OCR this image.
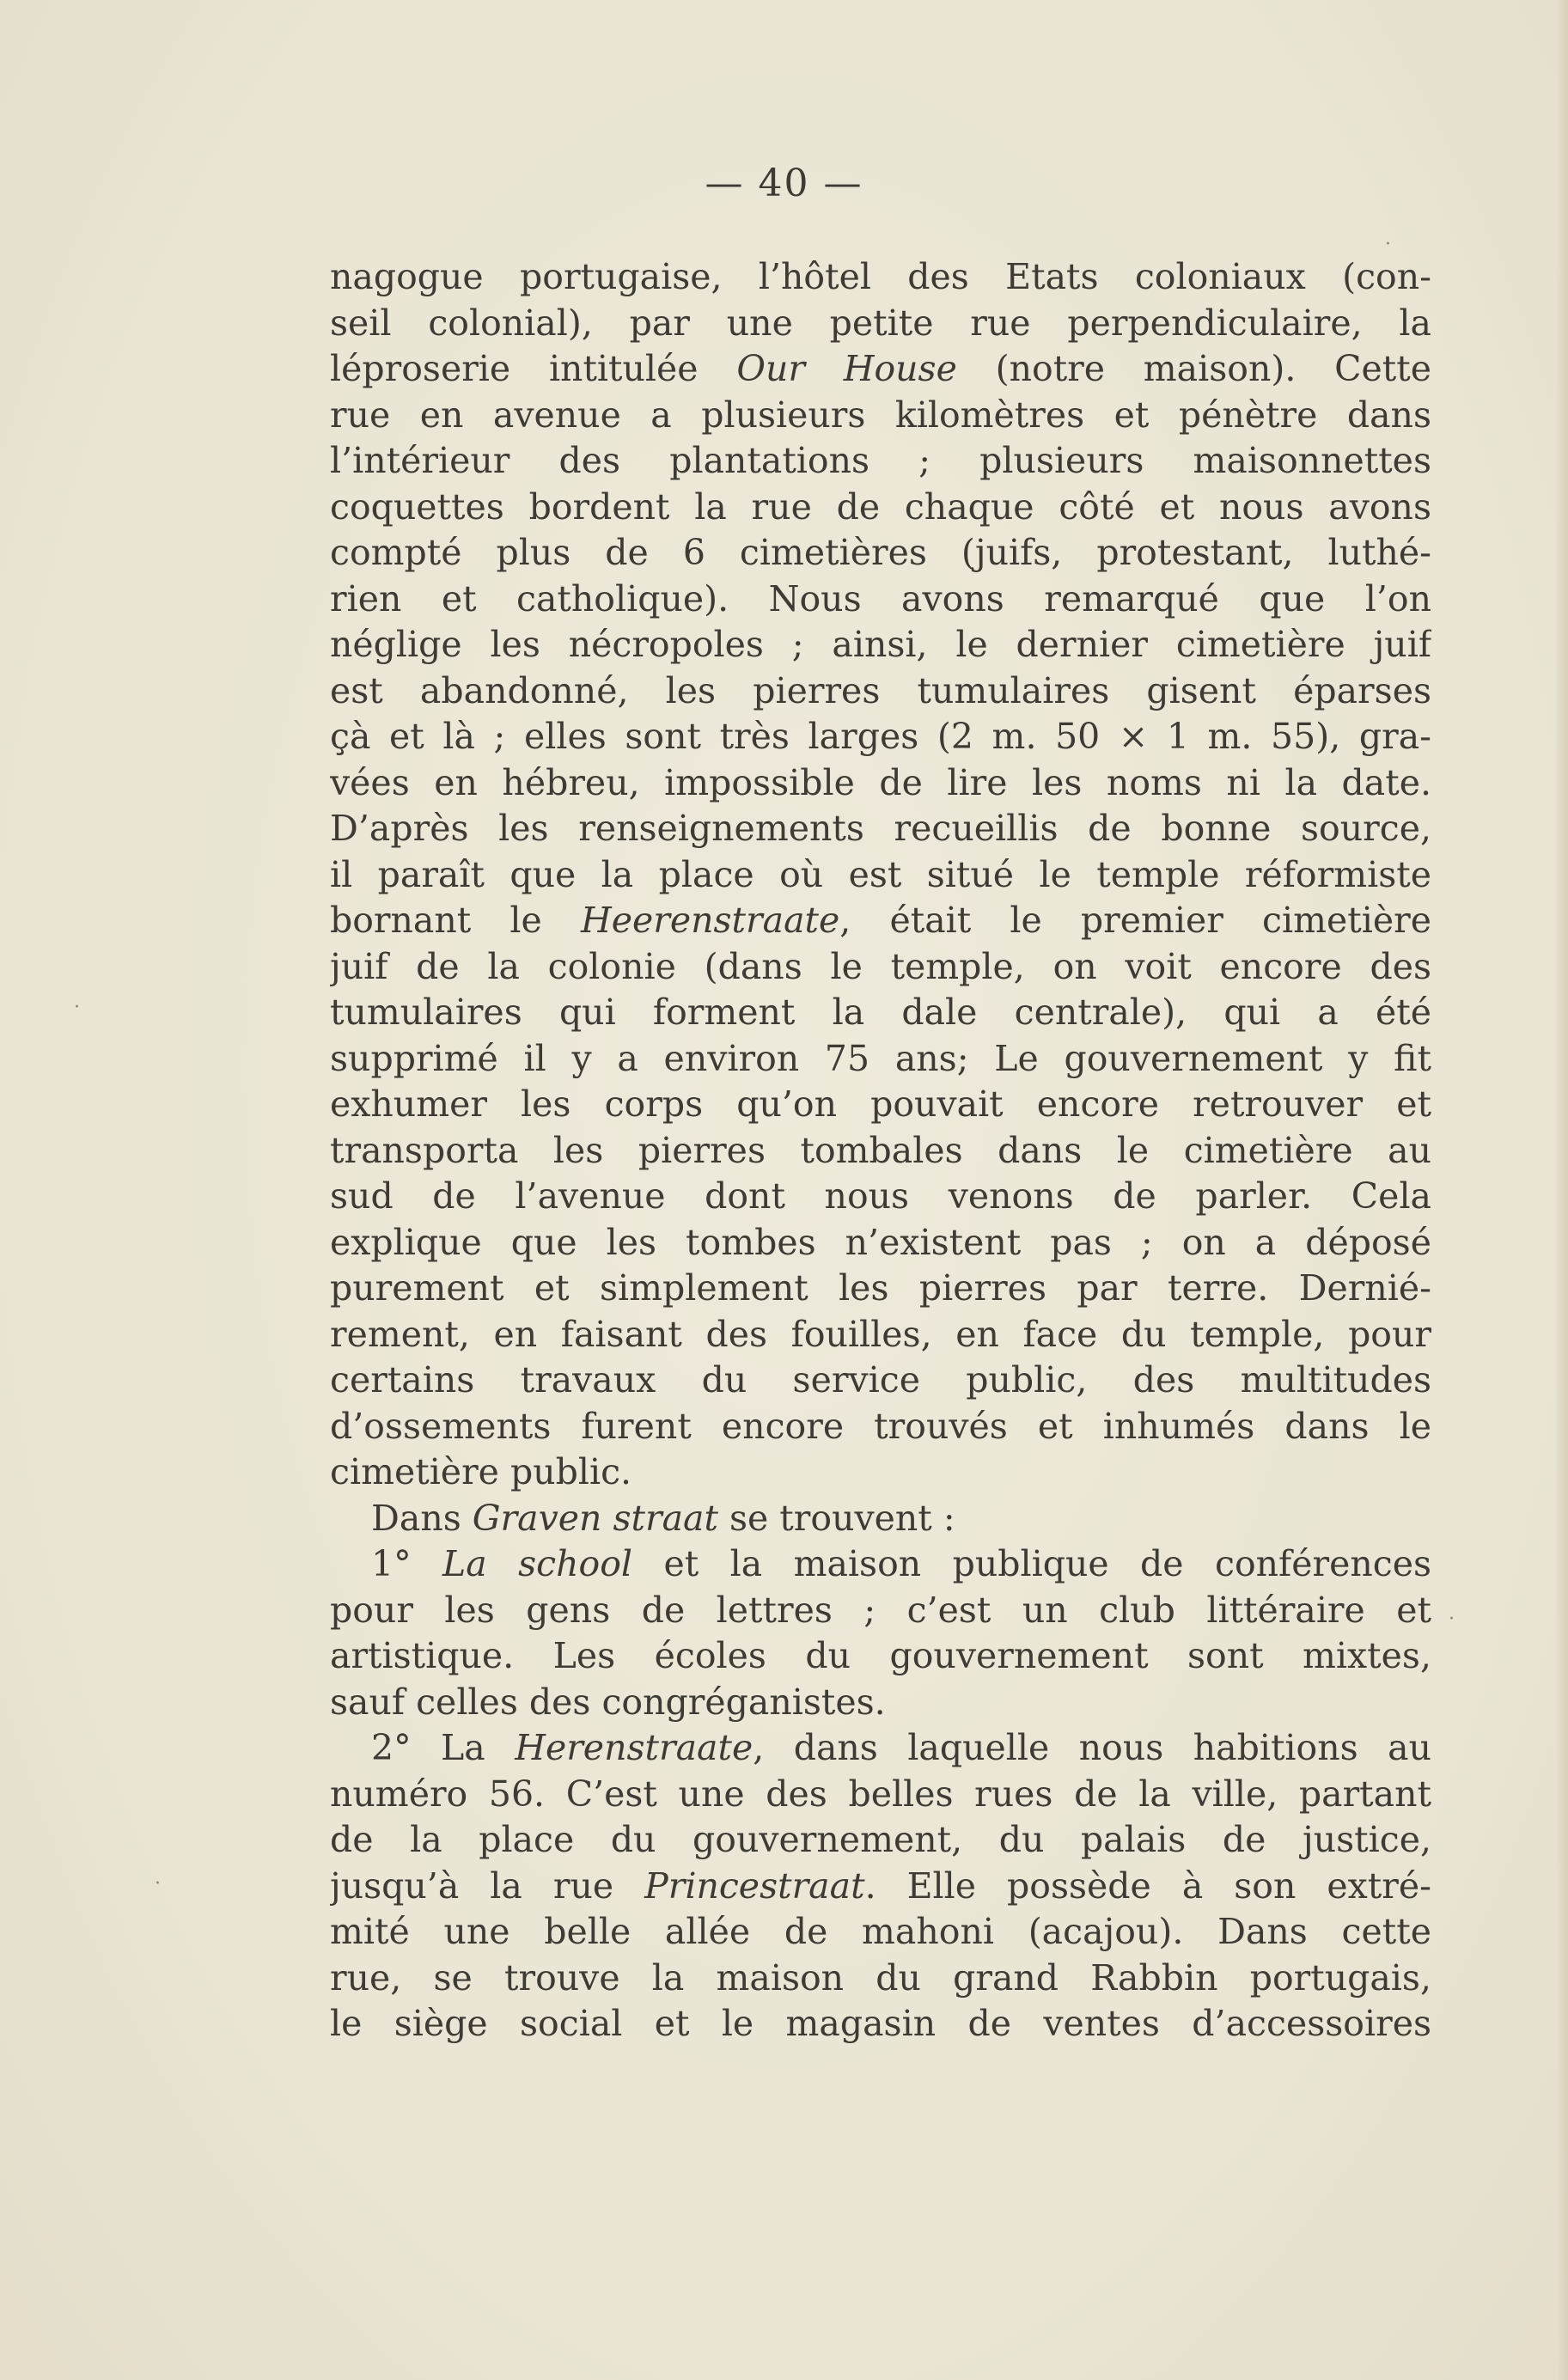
— 40 —
nagogue portugaise, l’hôtel des Etats coloniaux (con-
seil colonial), par une petite rue perpendiculaire, la
léproserie intitulée Our House (notre maison). Cette
rue en avenue a plusieurs kilomètres et pénètre dans
l’intérieur des plantations ; plusieurs maisonnettes
coquettes bordent la rue de chaque côté et nous avons
compté plus de 6 cimetières (juifs, protestant, luthé-
rien et catholique). Nous avons remarqué que l’on
néglige les nécropoles ; ainsi, le dernier cimetière juif
est abandonné, les pierres tumulaires gisent éparses
çà et là ; elles sont très larges (2 m. 50 × 1 m. 55), gra-
vées en hébreu, impossible de lire les noms ni la date.
D’après les renseignements recueillis de bonne source,
il paraît que la place où est situé le temple réformiste
bornant le Heerenstraate, était le premier cimetière
juif de la colonie (dans le temple, on voit encore des
tumulaires qui forment la dale centrale), qui a été
supprimé il y a environ 75 ans; Le gouvernement y fit
exhumer les corps qu’on pouvait encore retrouver et
transporta les pierres tombales dans le cimetière au
sud de l’avenue dont nous venons de parler. Cela
explique que les tombes n’existent pas ; on a déposé
purement et simplement les pierres par terre. Dernié-
rement, en faisant des fouilles, en face du temple, pour
certains travaux du service public, des multitudes
d’ossements furent encore trouvés et inhumés dans le
cimetière public.
Dans Graven straat se trouvent :
1° La school et la maison publique de conférences
pour les gens de lettres ; c’est un club littéraire et
artistique. Les écoles du gouvernement sont mixtes,
sauf celles des congréganistes.
2° La Herenstraate, dans laquelle nous habitions au
numéro 56. C’est une des belles rues de la ville, partant
de la place du gouvernement, du palais de justice,
jusqu’à la rue Princestraat. Elle possède à son extré-
mité une belle allée de mahoni (acajou). Dans cette
rue, se trouve la maison du grand Rabbin portugais,
le siège social et le magasin de ventes d’accessoires
·
·
·
·
